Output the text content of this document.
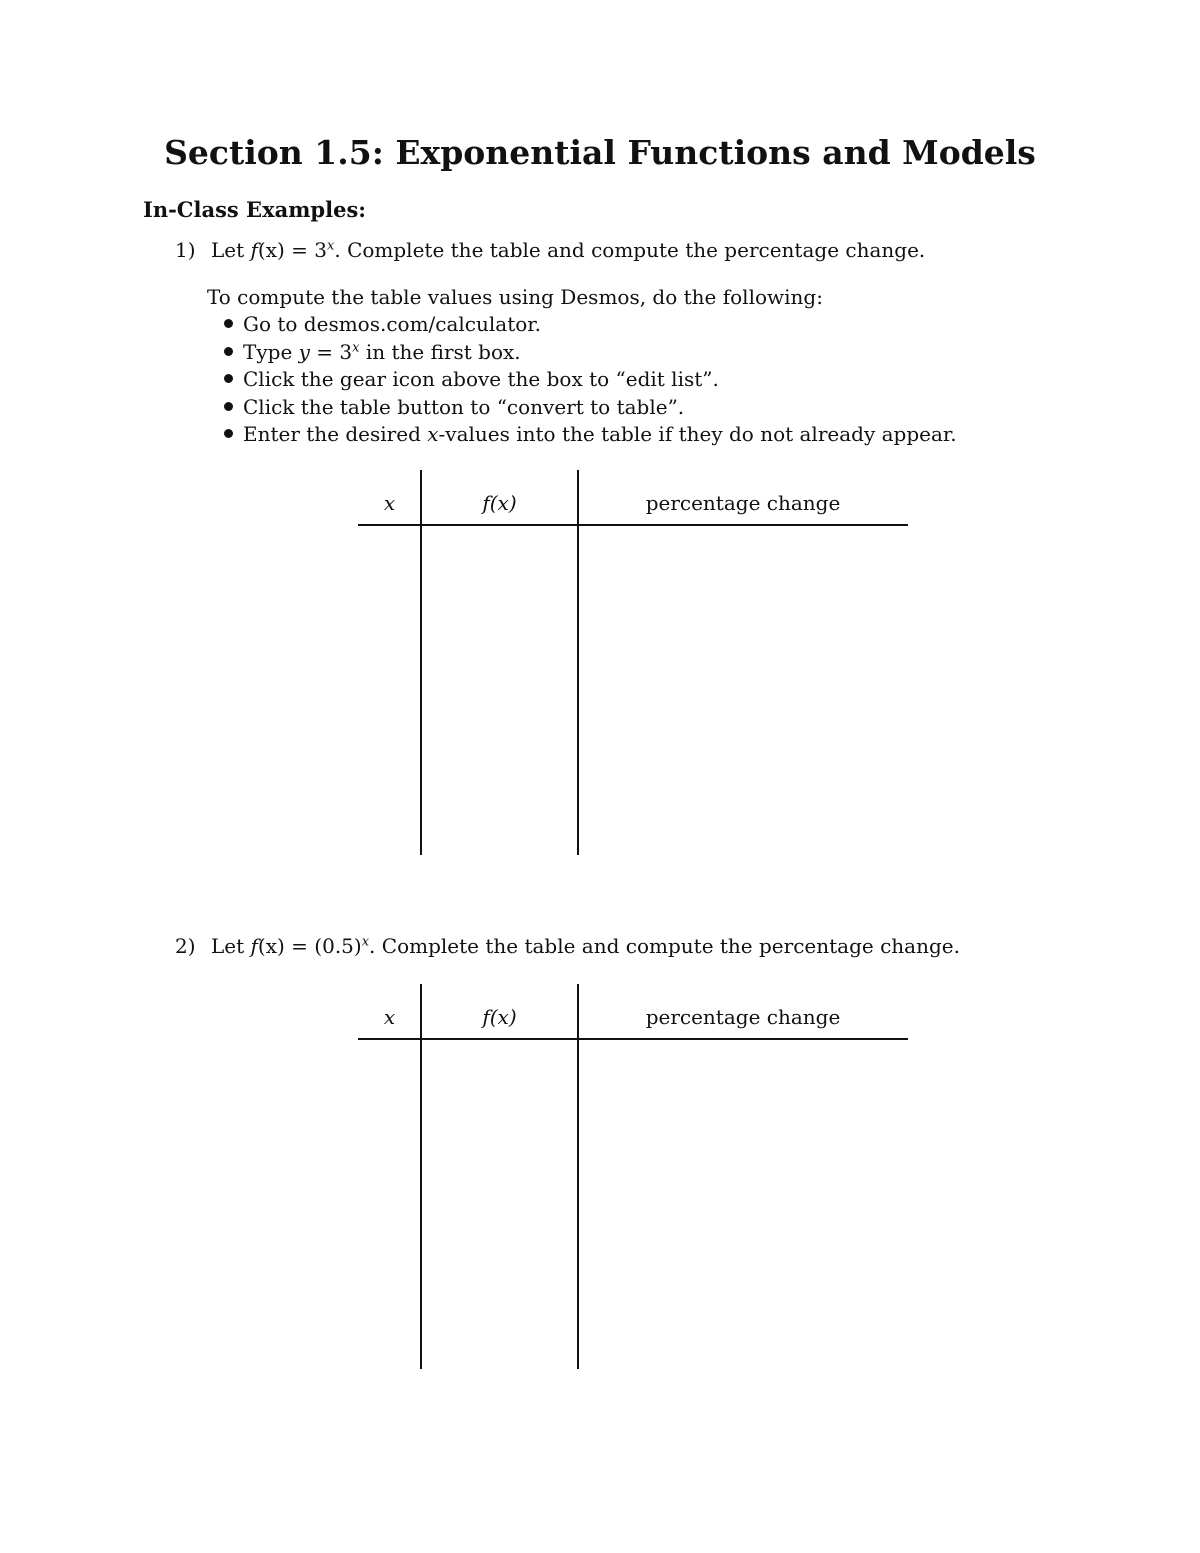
Section 1.5: Exponential Functions and Models
In-Class Examples:
1) Let $f(x) = 3^x$. Complete the table and compute the percentage change.
To compute the table values using Desmos, do the following:
Go to desmos.com/calculator.
Type $y = 3^x$ in the first box.
Click the gear icon above the box to “edit list”.
Click the table button to “convert to table”.
Enter the desired x-values into the table if they do not already appear.
x	f(x)	percentage change
2) Let $f(x) = (0.5)^x$. Complete the table and compute the percentage change.
x	f(x)	percentage change
